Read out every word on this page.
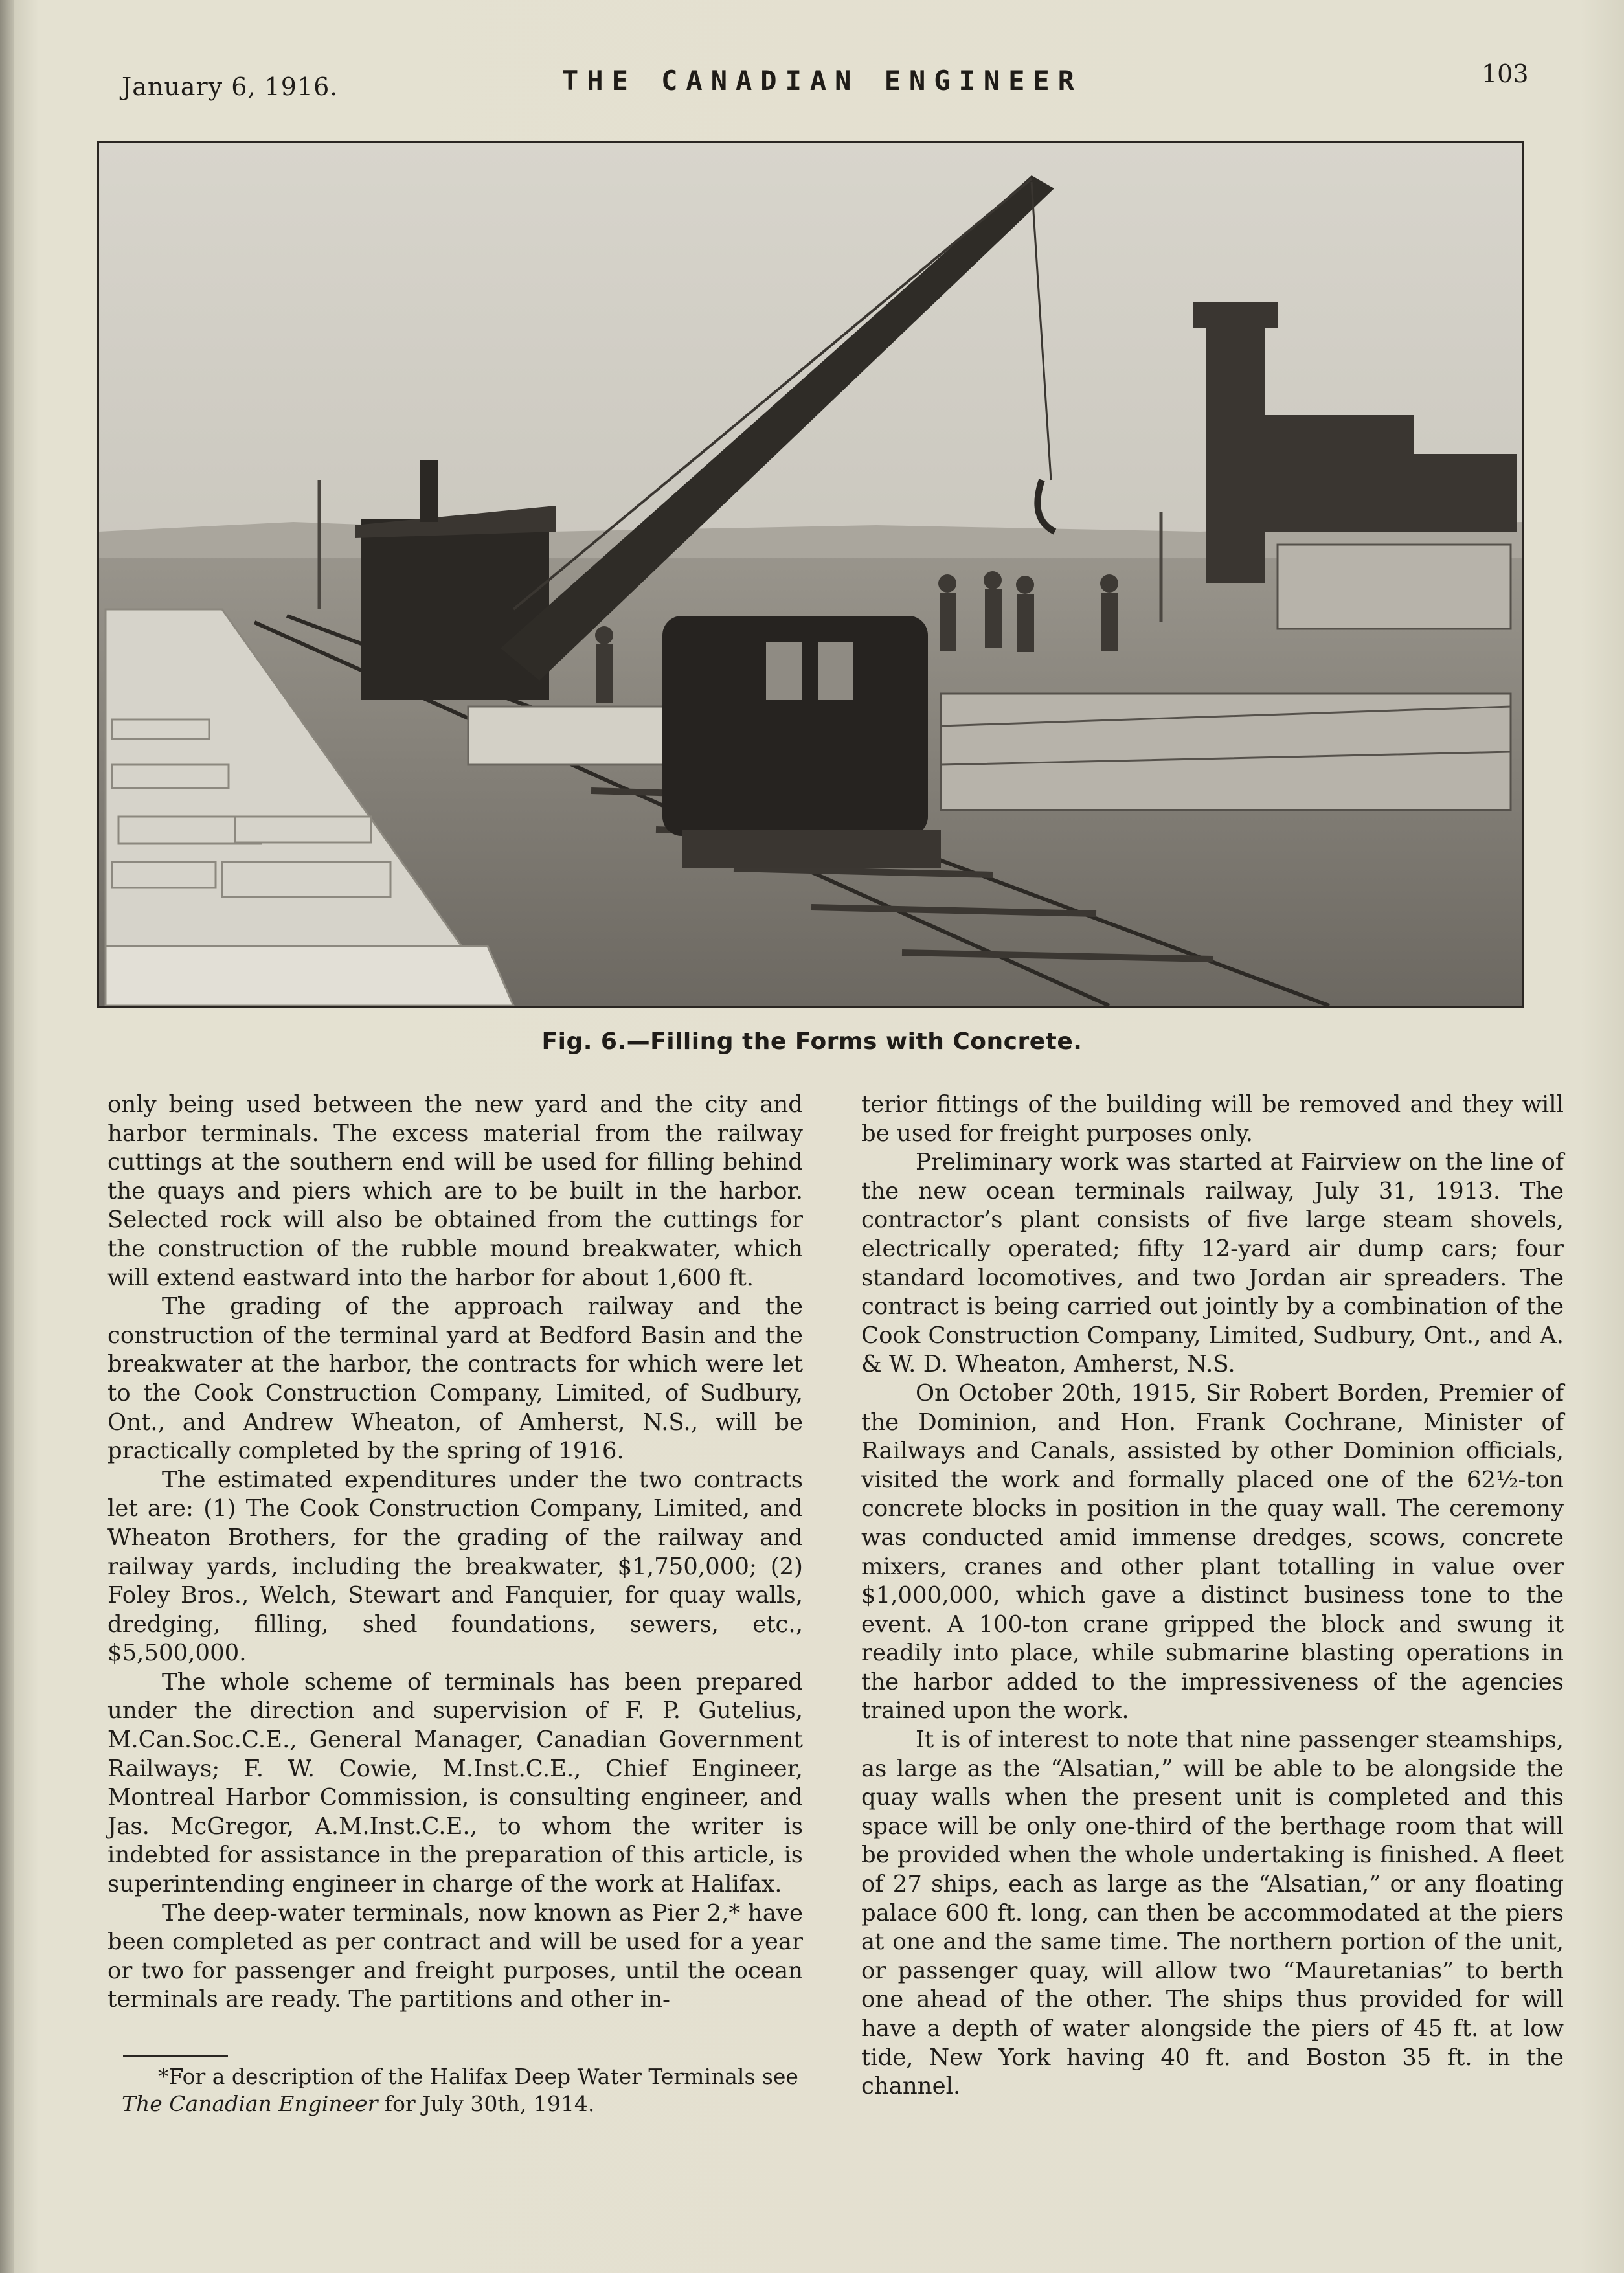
January 6, 1916.	THE CANADIAN ENGINEER	103
Fig. 6.—Filling the Forms with Concrete.

only being used between the new yard and the city and harbor terminals. The excess material from the railway cuttings at the southern end will be used for filling behind the quays and piers which are to be built in the harbor. Selected rock will also be obtained from the cuttings for the construction of the rubble mound breakwater, which will extend eastward into the harbor for about 1,600 ft.

The grading of the approach railway and the construction of the terminal yard at Bedford Basin and the breakwater at the harbor, the contracts for which were let to the Cook Construction Company, Limited, of Sudbury, Ont., and Andrew Wheaton, of Amherst, N.S., will be practically completed by the spring of 1916.

The estimated expenditures under the two contracts let are: (1) The Cook Construction Company, Limited, and Wheaton Brothers, for the grading of the railway and railway yards, including the breakwater, $1,750,000; (2) Foley Bros., Welch, Stewart and Fanquier, for quay walls, dredging, filling, shed foundations, sewers, etc., $5,500,000.

The whole scheme of terminals has been prepared under the direction and supervision of F. P. Gutelius, M.Can.Soc.C.E., General Manager, Canadian Government Railways; F. W. Cowie, M.Inst.C.E., Chief Engineer, Montreal Harbor Commission, is consulting engineer, and Jas. McGregor, A.M.Inst.C.E., to whom the writer is indebted for assistance in the preparation of this article, is superintending engineer in charge of the work at Halifax.

The deep-water terminals, now known as Pier 2,* have been completed as per contract and will be used for a year or two for passenger and freight purposes, until the ocean terminals are ready. The partitions and other in-

terior fittings of the building will be removed and they will be used for freight purposes only.

Preliminary work was started at Fairview on the line of the new ocean terminals railway, July 31, 1913. The contractor’s plant consists of five large steam shovels, electrically operated; fifty 12-yard air dump cars; four standard locomotives, and two Jordan air spreaders. The contract is being carried out jointly by a combination of the Cook Construction Company, Limited, Sudbury, Ont., and A. & W. D. Wheaton, Amherst, N.S.

On October 20th, 1915, Sir Robert Borden, Premier of the Dominion, and Hon. Frank Cochrane, Minister of Railways and Canals, assisted by other Dominion officials, visited the work and formally placed one of the 62½-ton concrete blocks in position in the quay wall. The ceremony was conducted amid immense dredges, scows, concrete mixers, cranes and other plant totalling in value over $1,000,000, which gave a distinct business tone to the event. A 100-ton crane gripped the block and swung it readily into place, while submarine blasting operations in the harbor added to the impressiveness of the agencies trained upon the work.

It is of interest to note that nine passenger steamships, as large as the “Alsatian,” will be able to be alongside the quay walls when the present unit is completed and this space will be only one-third of the berthage room that will be provided when the whole undertaking is finished. A fleet of 27 ships, each as large as the “Alsatian,” or any floating palace 600 ft. long, can then be accommodated at the piers at one and the same time. The northern portion of the unit, or passenger quay, will allow two “Mauretanias” to berth one ahead of the other. The ships thus provided for will have a depth of water alongside the piers of 45 ft. at low tide, New York having 40 ft. and Boston 35 ft. in the channel.

*For a description of the Halifax Deep Water Terminals see The Canadian Engineer for July 30th, 1914.
